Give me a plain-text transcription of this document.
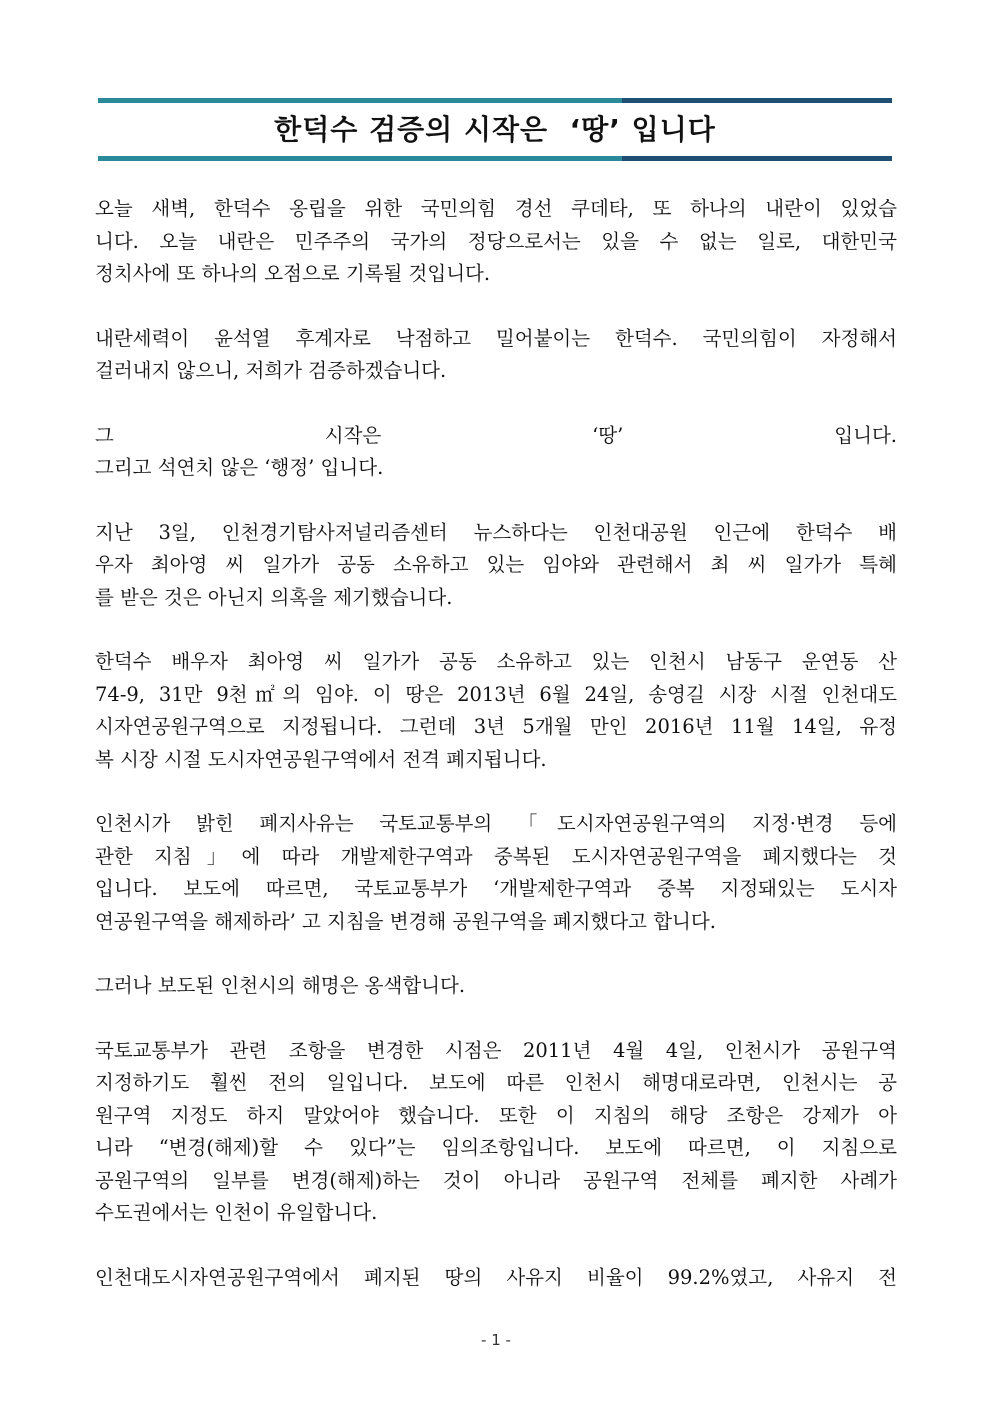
한덕수 검증의 시작은  ‘땅’ 입니다
오늘 새벽, 한덕수 옹립을 위한 국민의힘 경선 쿠데타, 또 하나의 내란이 있었습
니다. 오늘 내란은 민주주의 국가의 정당으로서는 있을 수 없는 일로, 대한민국
정치사에 또 하나의 오점으로 기록될 것입니다.
내란세력이 윤석열 후계자로 낙점하고 밀어붙이는 한덕수. 국민의힘이 자정해서
걸러내지 않으니, 저희가 검증하겠습니다.
그 시작은 ‘땅’ 입니다.
그리고 석연치 않은 ‘행정’ 입니다.
지난 3일, 인천경기탐사저널리즘센터 뉴스하다는 인천대공원 인근에 한덕수 배
우자 최아영 씨 일가가 공동 소유하고 있는 임야와 관련해서 최 씨 일가가 특혜
를 받은 것은 아닌지 의혹을 제기했습니다.
한덕수 배우자 최아영 씨 일가가 공동 소유하고 있는 인천시 남동구 운연동 산
74-9, 31만 9천㎡의 임야. 이 땅은 2013년 6월 24일, 송영길 시장 시절 인천대도
시자연공원구역으로 지정됩니다. 그런데 3년 5개월 만인 2016년 11월 14일, 유정
복 시장 시절 도시자연공원구역에서 전격 폐지됩니다.
인천시가 밝힌 폐지사유는 국토교통부의 「도시자연공원구역의 지정·변경 등에
관한 지침」에 따라 개발제한구역과 중복된 도시자연공원구역을 폐지했다는 것
입니다. 보도에 따르면, 국토교통부가 ‘개발제한구역과 중복 지정돼있는 도시자
연공원구역을 해제하라’ 고 지침을 변경해 공원구역을 폐지했다고 합니다.
그러나 보도된 인천시의 해명은 옹색합니다.
국토교통부가 관련 조항을 변경한 시점은 2011년 4월 4일, 인천시가 공원구역
지정하기도 훨씬 전의 일입니다. 보도에 따른 인천시 해명대로라면, 인천시는 공
원구역 지정도 하지 말았어야 했습니다. 또한 이 지침의 해당 조항은 강제가 아
니라 “변경(해제)할 수 있다”는 임의조항입니다. 보도에 따르면, 이 지침으로
공원구역의 일부를 변경(해제)하는 것이 아니라 공원구역 전체를 폐지한 사례가
수도권에서는 인천이 유일합니다.
인천대도시자연공원구역에서 폐지된 땅의 사유지 비율이 99.2%였고, 사유지 전
- 1 -
